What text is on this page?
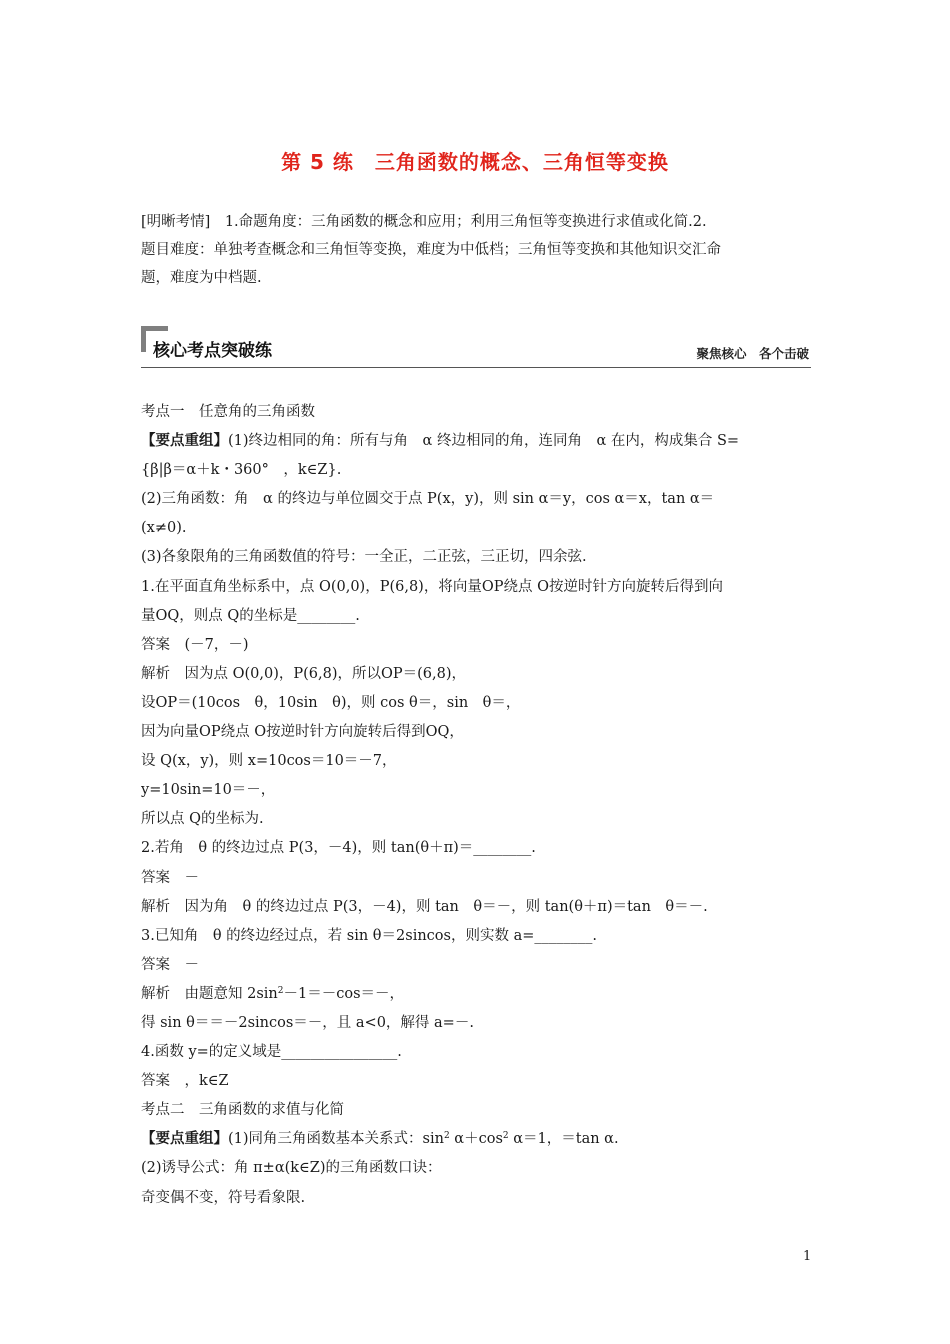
第 5 练　三角函数的概念、三角恒等变换

[明晰考情]　1.命题角度：三角函数的概念和应用；利用三角恒等变换进行求值或化简.2.

题目难度：单独考查概念和三角恒等变换，难度为中低档；三角恒等变换和其他知识交汇命

题，难度为中档题.

核心考点突破练	聚焦核心　各个击破
考点一　任意角的三角函数
【要点重组】(1)终边相同的角：所有与角　α 终边相同的角，连同角　α 在内，构成集合 S=
{β|β＝α＋k・360°　，k∈Z}.
(2)三角函数：角　α 的终边与单位圆交于点 P(x，y)，则 sin α＝y，cos α＝x，tan α＝
(x≠0).
(3)各象限角的三角函数值的符号：一全正，二正弦，三正切，四余弦.
1.在平面直角坐标系中，点 O(0,0)，P(6,8)，将向量OP绕点 O按逆时针方向旋转后得到向
量OQ，则点 Q的坐标是________.
答案　(－7，－)
解析　因为点 O(0,0)，P(6,8)，所以OP＝(6,8)，
设OP＝(10cos　θ，10sin　θ)，则 cos θ＝，sin　θ＝，
因为向量OP绕点 O按逆时针方向旋转后得到OQ，
设 Q(x，y)，则 x=10cos＝10＝－7，
y=10sin=10＝－，
所以点 Q的坐标为.
2.若角　θ 的终边过点 P(3，－4)，则 tan(θ＋π)＝________.
答案　－
解析　因为角　θ 的终边过点 P(3，－4)，则 tan　θ＝－，则 tan(θ＋π)＝tan　θ＝－.
3.已知角　θ 的终边经过点，若 sin θ＝2sincos，则实数 a=________.
答案　－
解析　由题意知 $2\sin^2-1=-\cos=-$，
得 sin θ＝＝－2sincos＝－，且 a<0，解得 a=－.
4.函数 y=的定义域是________________.
答案　，k∈Z
考点二　三角函数的求值与化简
【要点重组】(1)同角三角函数基本关系式：$\sin^2 \alpha+\cos^2$ α＝1，＝tan α.
(2)诱导公式：角 π±α(k∈Z)的三角函数口诀：
奇变偶不变，符号看象限.
1
